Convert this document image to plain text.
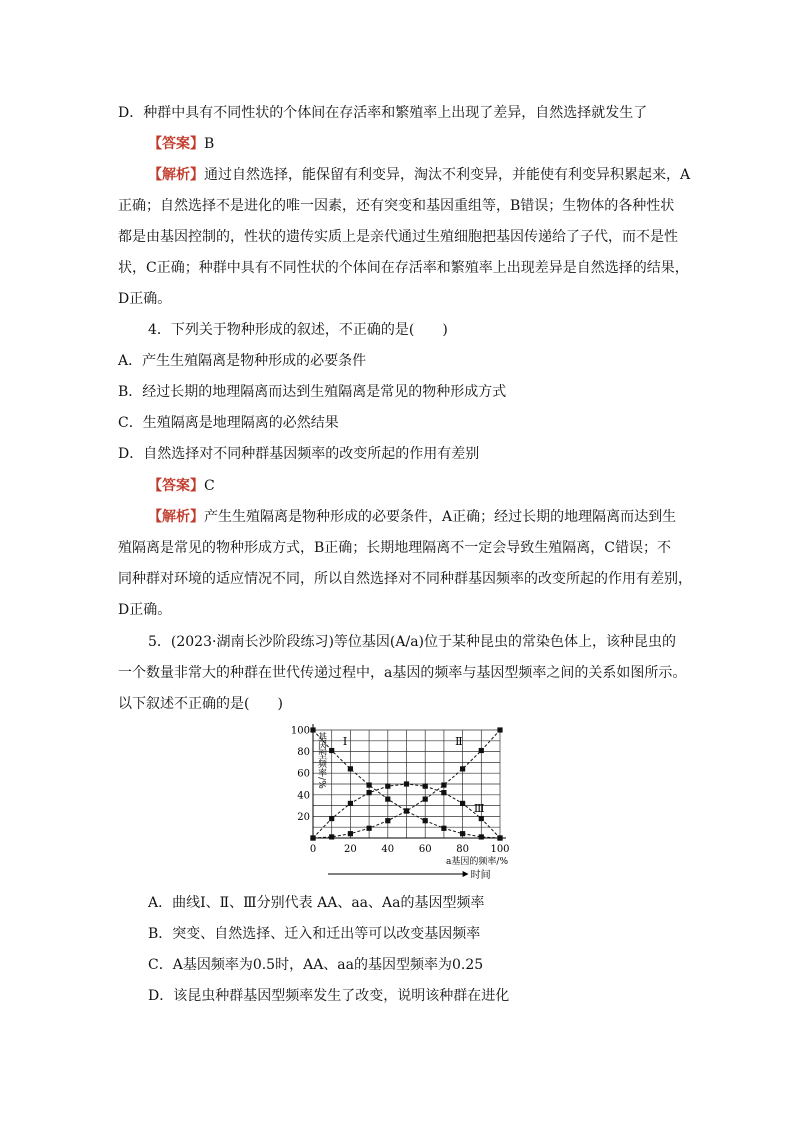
D．种群中具有不同性状的个体间在存活率和繁殖率上出现了差异，自然选择就发生了
【答案】B
【解析】通过自然选择，能保留有利变异，淘汰不利变异，并能使有利变异积累起来，A
正确；自然选择不是进化的唯一因素，还有突变和基因重组等，B错误；生物体的各种性状
都是由基因控制的，性状的遗传实质上是亲代通过生殖细胞把基因传递给了子代，而不是性
状，C正确；种群中具有不同性状的个体间在存活率和繁殖率上出现差异是自然选择的结果，
D正确。
4．下列关于物种形成的叙述，不正确的是(　　)
A．产生生殖隔离是物种形成的必要条件
B．经过长期的地理隔离而达到生殖隔离是常见的物种形成方式
C．生殖隔离是地理隔离的必然结果
D．自然选择对不同种群基因频率的改变所起的作用有差别
【答案】C
【解析】产生生殖隔离是物种形成的必要条件，A正确；经过长期的地理隔离而达到生
殖隔离是常见的物种形成方式，B正确；长期地理隔离不一定会导致生殖隔离，C错误；不
同种群对环境的适应情况不同，所以自然选择对不同种群基因频率的改变所起的作用有差别，
D正确。
5．(2023·湖南长沙阶段练习)等位基因(A/a)位于某种昆虫的常染色体上，该种昆虫的
一个数量非常大的种群在世代传递过程中，a基因的频率与基因型频率之间的关系如图所示。
以下叙述不正确的是(　　)
0	20 40 60 80 100
20
40
60
80
100
基因型频率/%
a基因的频率/%
时间
Ⅰ	Ⅱ
Ⅲ
A．曲线Ⅰ、Ⅱ、Ⅲ分别代表 AA、aa、Aa的基因型频率
B．突变、自然选择、迁入和迁出等可以改变基因频率
C．A基因频率为0.5时，AA、aa的基因型频率为0.25
D．该昆虫种群基因型频率发生了改变，说明该种群在进化
